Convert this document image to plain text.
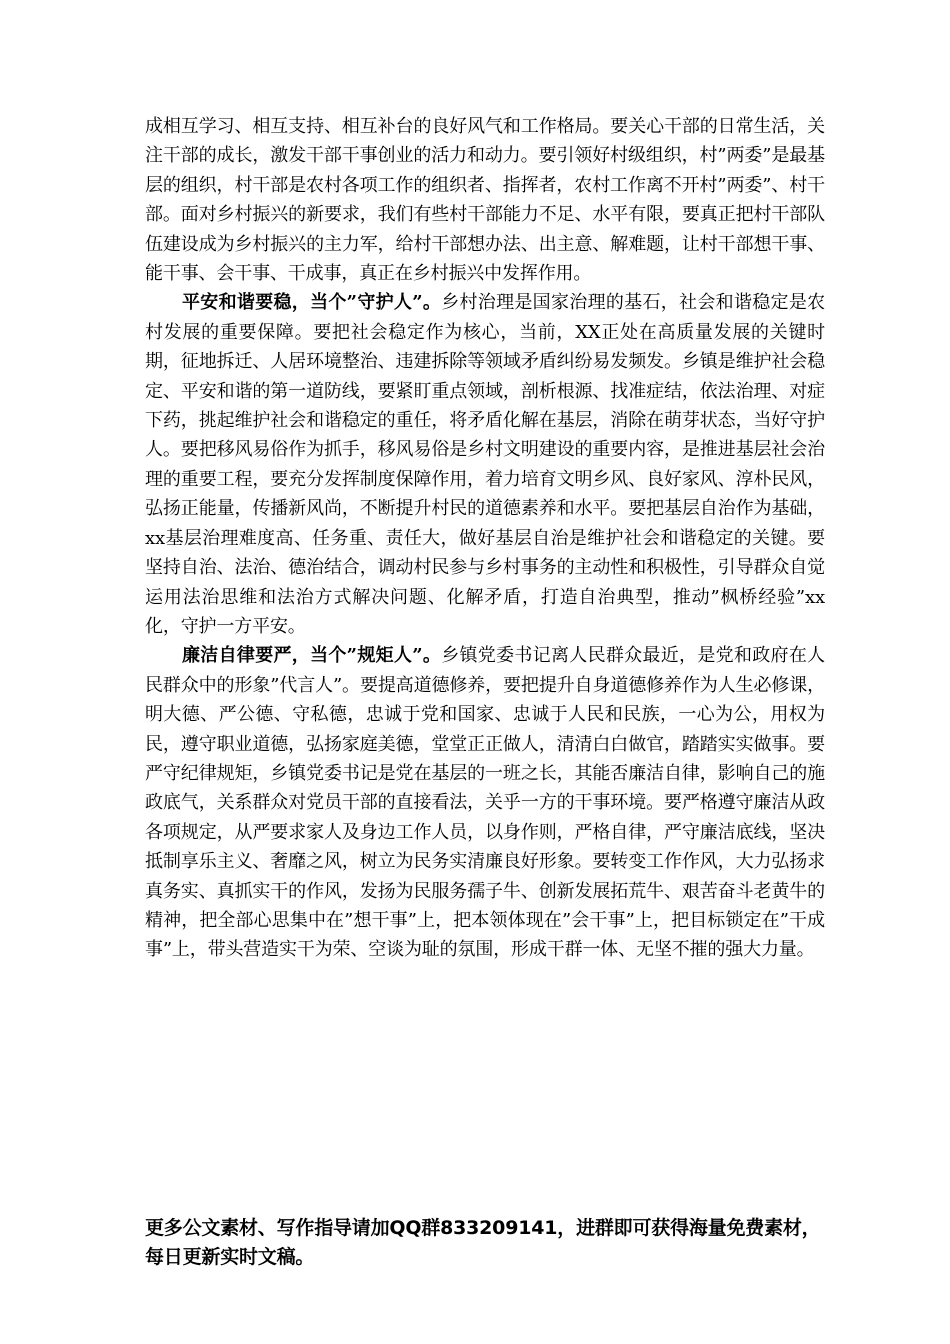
成相互学习、相互支持、相互补台的良好风气和工作格局。要关心干部的日常生活，关注干部的成长，激发干部干事创业的活力和动力。要引领好村级组织，村”两委”是最基层的组织，村干部是农村各项工作的组织者、指挥者，农村工作离不开村”两委”、村干部。面对乡村振兴的新要求，我们有些村干部能力不足、水平有限，要真正把村干部队伍建设成为乡村振兴的主力军，给村干部想办法、出主意、解难题，让村干部想干事、能干事、会干事、干成事，真正在乡村振兴中发挥作用。

平安和谐要稳，当个”守护人”。乡村治理是国家治理的基石，社会和谐稳定是农村发展的重要保障。要把社会稳定作为核心，当前，XX正处在高质量发展的关键时期，征地拆迁、人居环境整治、违建拆除等领域矛盾纠纷易发频发。乡镇是维护社会稳定、平安和谐的第一道防线，要紧盯重点领域，剖析根源、找准症结，依法治理、对症下药，挑起维护社会和谐稳定的重任，将矛盾化解在基层，消除在萌芽状态，当好守护人。要把移风易俗作为抓手，移风易俗是乡村文明建设的重要内容，是推进基层社会治理的重要工程，要充分发挥制度保障作用，着力培育文明乡风、良好家风、淳朴民风，弘扬正能量，传播新风尚，不断提升村民的道德素养和水平。要把基层自治作为基础，xx基层治理难度高、任务重、责任大，做好基层自治是维护社会和谐稳定的关键。要坚持自治、法治、德治结合，调动村民参与乡村事务的主动性和积极性，引导群众自觉运用法治思维和法治方式解决问题、化解矛盾，打造自治典型，推动”枫桥经验”xx化，守护一方平安。

廉洁自律要严，当个”规矩人”。乡镇党委书记离人民群众最近，是党和政府在人民群众中的形象”代言人”。要提高道德修养，要把提升自身道德修养作为人生必修课，明大德、严公德、守私德，忠诚于党和国家、忠诚于人民和民族，一心为公，用权为民，遵守职业道德，弘扬家庭美德，堂堂正正做人，清清白白做官，踏踏实实做事。要严守纪律规矩，乡镇党委书记是党在基层的一班之长，其能否廉洁自律，影响自己的施政底气，关系群众对党员干部的直接看法，关乎一方的干事环境。要严格遵守廉洁从政各项规定，从严要求家人及身边工作人员，以身作则，严格自律，严守廉洁底线，坚决抵制享乐主义、奢靡之风，树立为民务实清廉良好形象。要转变工作作风，大力弘扬求真务实、真抓实干的作风，发扬为民服务孺子牛、创新发展拓荒牛、艰苦奋斗老黄牛的精神，把全部心思集中在”想干事”上，把本领体现在”会干事”上，把目标锁定在”干成事”上，带头营造实干为荣、空谈为耻的氛围，形成干群一体、无坚不摧的强大力量。

更多公文素材、写作指导请加QQ群833209141，进群即可获得海量免费素材，每日更新实时文稿。
